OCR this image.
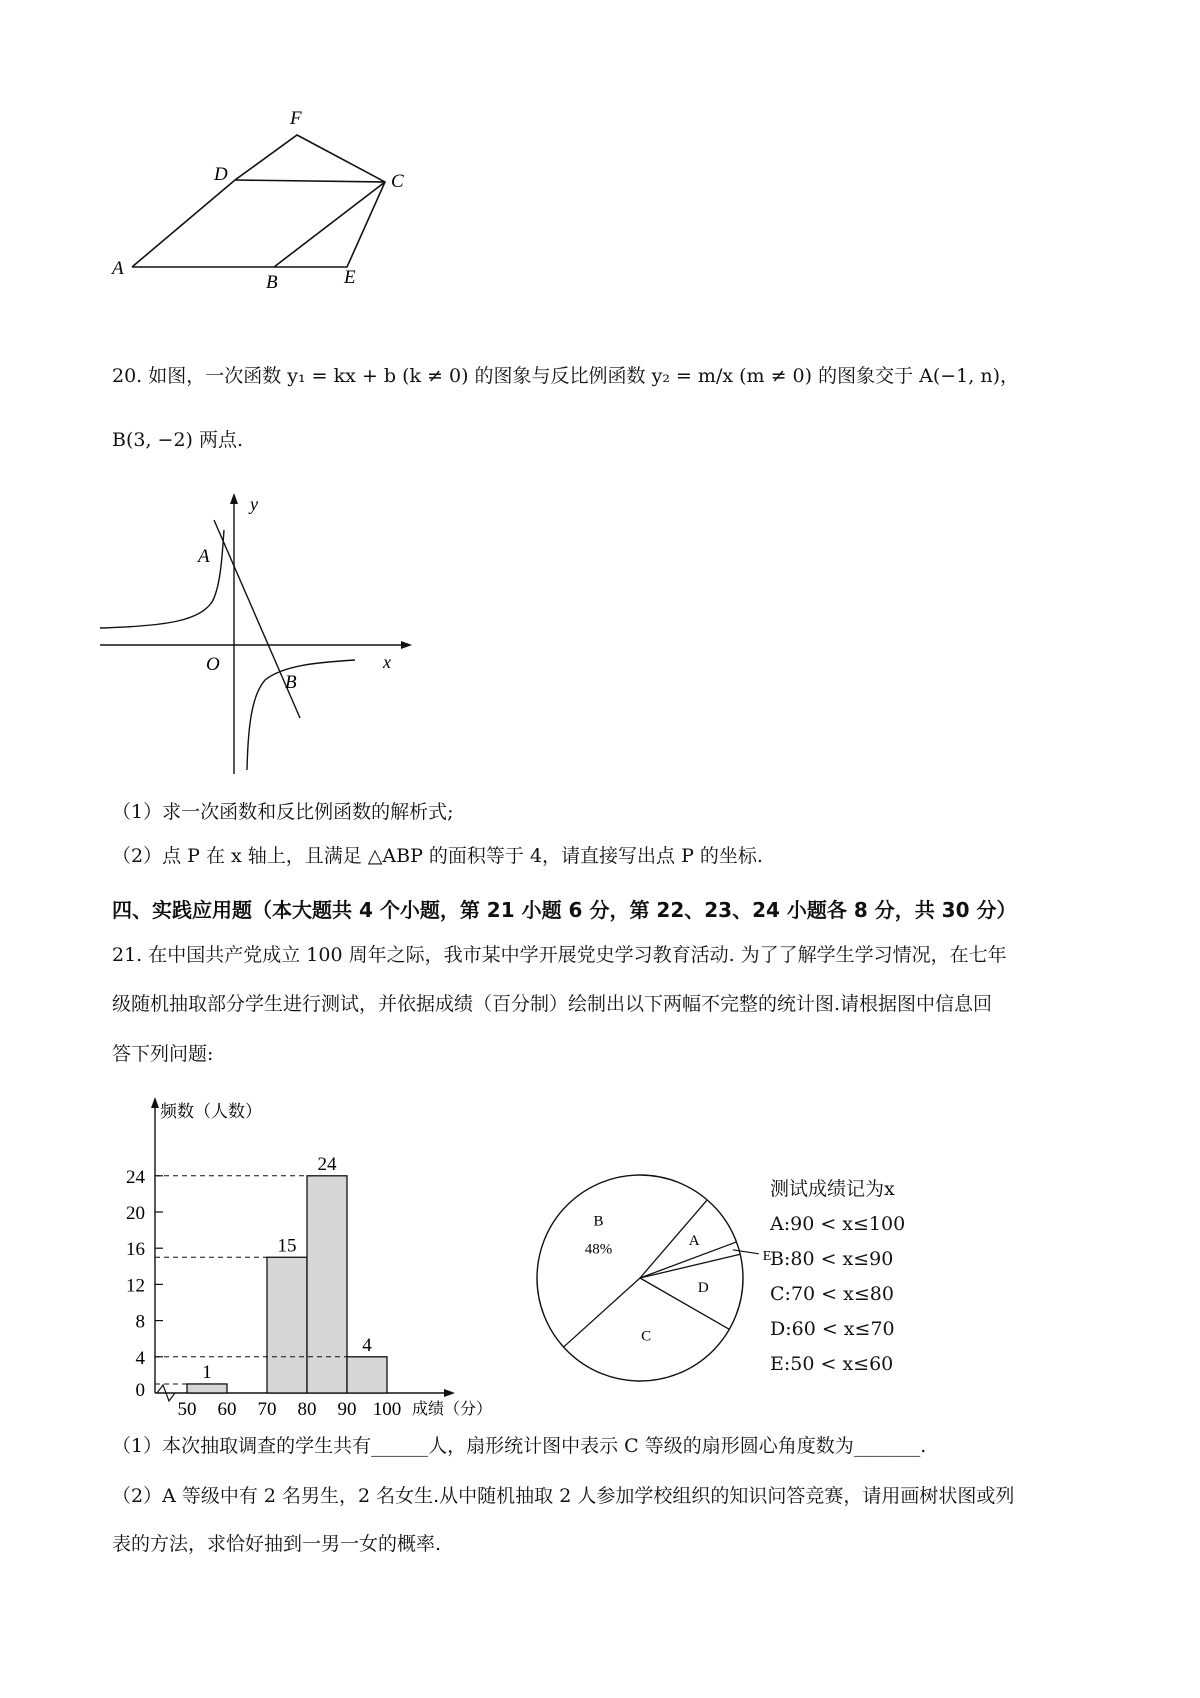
F
D	C
A
B	E
20. 如图，一次函数 y₁ = kx + b (k ≠ 0) 的图象与反比例函数 y₂ = m/x (m ≠ 0) 的图象交于 A(−1, n)，
B(3, −2) 两点.
y
x
O
A
B
（1）求一次函数和反比例函数的解析式;
（2）点 P 在 x 轴上，且满足 △ABP 的面积等于 4，请直接写出点 P 的坐标.
四、实践应用题（本大题共 4 个小题，第 21 小题 6 分，第 22、23、24 小题各 8 分，共 30 分）
21. 在中国共产党成立 100 周年之际，我市某中学开展党史学习教育活动. 为了了解学生学习情况，在七年
级随机抽取部分学生进行测试，并依据成绩（百分制）绘制出以下两幅不完整的统计图.请根据图中信息回
答下列问题:
频数（人数）
成绩（分）
0
4
8
12
16
20
24
50 60 70 80 90 100
1
15
24
4
A
B
C
D
48%	E
测试成绩记为x
A:90 < x≤100
B:80 < x≤90
C:70 < x≤80
D:60 < x≤70
E:50 < x≤60
（1）本次抽取调查的学生共有______人，扇形统计图中表示 C 等级的扇形圆心角度数为_______.
（2）A 等级中有 2 名男生，2 名女生.从中随机抽取 2 人参加学校组织的知识问答竞赛，请用画树状图或列
表的方法，求恰好抽到一男一女的概率.
